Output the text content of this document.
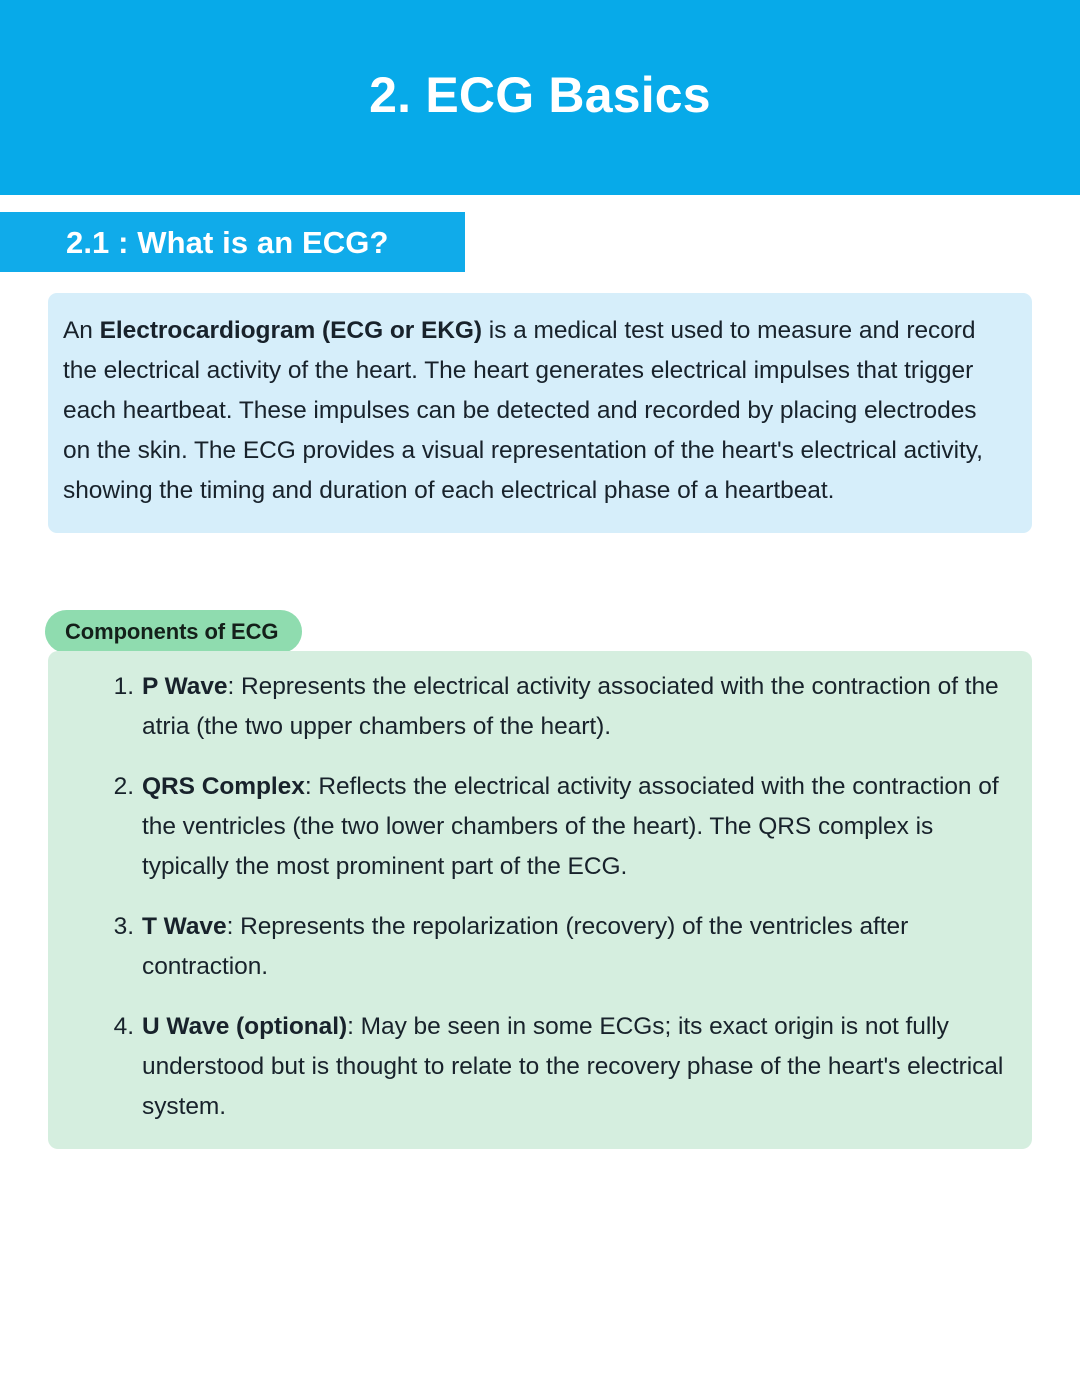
2. ECG Basics
2.1 : What is an ECG?

An Electrocardiogram (ECG or EKG) is a medical test used to measure and record the electrical activity of the heart. The heart generates electrical impulses that trigger each heartbeat. These impulses can be detected and recorded by placing electrodes on the skin. The ECG provides a visual representation of the heart's electrical activity, showing the timing and duration of each electrical phase of a heartbeat.

Components of ECG
P Wave: Represents the electrical activity associated with the contraction of the atria (the two upper chambers of the heart).
QRS Complex: Reflects the electrical activity associated with the contraction of the ventricles (the two lower chambers of the heart). The QRS complex is typically the most prominent part of the ECG.
T Wave: Represents the repolarization (recovery) of the ventricles after contraction.
U Wave (optional): May be seen in some ECGs; its exact origin is not fully understood but is thought to relate to the recovery phase of the heart's electrical system.
